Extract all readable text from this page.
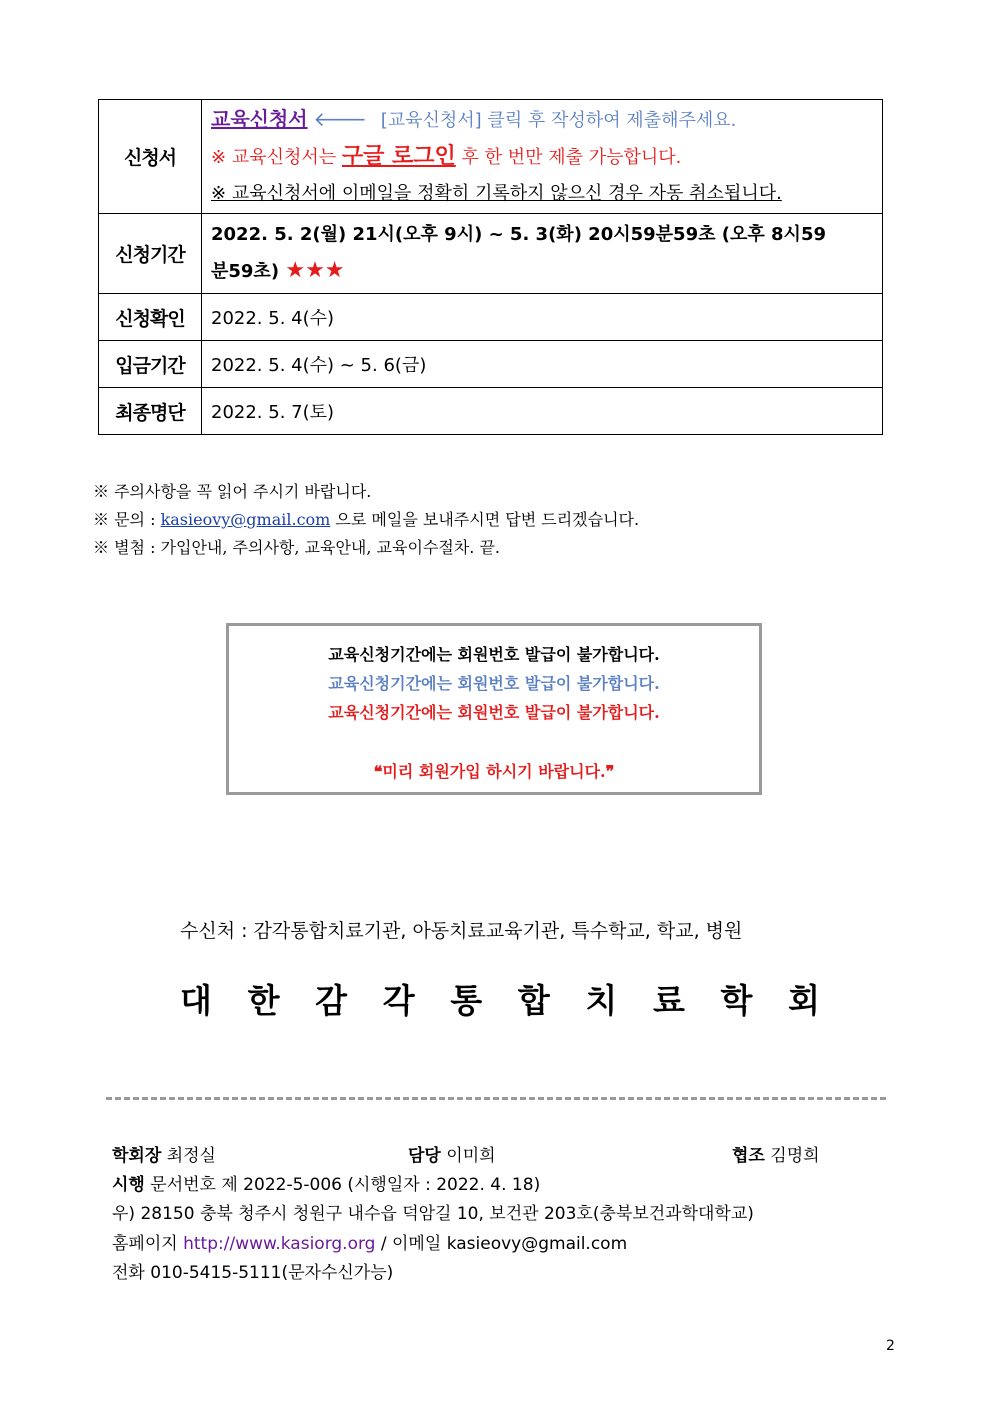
신청서	교육신청서 🡐 [교육신청서] 클릭 후 작성하여 제출해주세요.
※ 교육신청서는 구글 로그인 후 한 번만 제출 가능합니다.
※ 교육신청서에 이메일을 정확히 기록하지 않으신 경우 자동 취소됩니다.

신청기간	2022. 5. 2(월) 21시(오후 9시) ~ 5. 3(화) 20시59분59초 (오후 8시59
분59초) ★★★

신청확인	2022. 5. 4(수)
입금기간	2022. 5. 4(수) ~ 5. 6(금)
최종명단	2022. 5. 7(토)
※ 주의사항을 꼭 읽어 주시기 바랍니다.
※ 문의 : kasieovy@gmail.com 으로 메일을 보내주시면 답변 드리겠습니다.
※ 별첨 : 가입안내, 주의사항, 교육안내, 교육이수절차. 끝.
교육신청기간에는 회원번호 발급이 불가합니다.
교육신청기간에는 회원번호 발급이 불가합니다.
교육신청기간에는 회원번호 발급이 불가합니다.
❝미리 회원가입 하시기 바랍니다.❞
수신처 : 감각통합치료기관, 아동치료교육기관, 특수학교, 학교, 병원
대 한 감 각 통 합 치 료 학 회
학회장 최정실	담당 이미희	협조 김명희
시행 문서번호 제 2022-5-006 (시행일자 : 2022. 4. 18)
우) 28150 충북 청주시 청원구 내수읍 덕암길 10, 보건관 203호(충북보건과학대학교)
홈페이지 http://www.kasiorg.org / 이메일 kasieovy@gmail.com
전화 010-5415-5111(문자수신가능)
2
